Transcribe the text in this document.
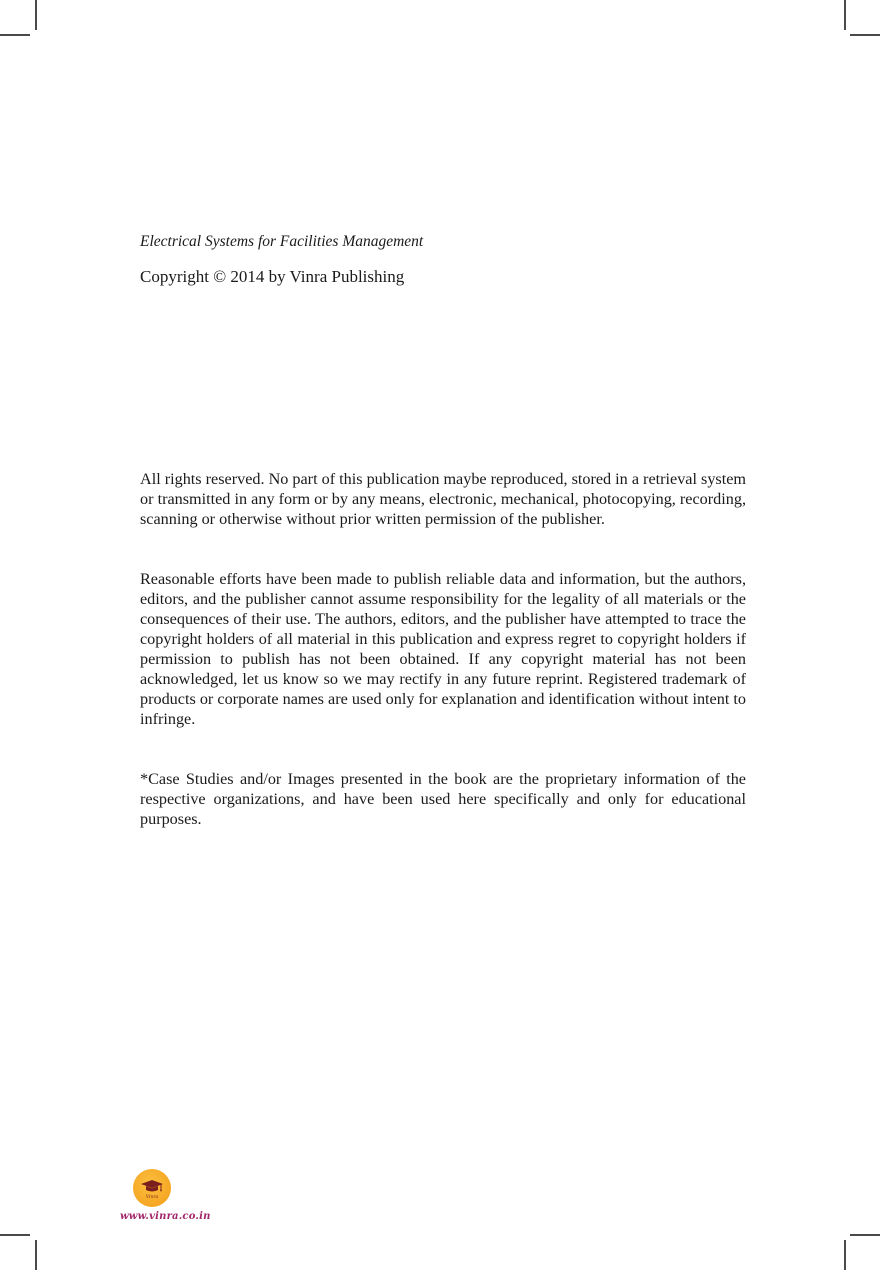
Electrical Systems for Facilities Management
Copyright © 2014 by Vinra Publishing

All rights reserved. No part of this publication maybe reproduced, stored in a retrieval system or transmitted in any form or by any means, electronic, mechanical, photocopying, recording, scanning or otherwise without prior written permission of the publisher.

Reasonable efforts have been made to publish reliable data and information, but the authors, editors, and the publisher cannot assume responsibility for the legality of all materials or the consequences of their use. The authors, editors, and the publisher have attempted to trace the copyright holders of all material in this publication and express regret to copyright holders if permission to publish has not been obtained. If any copyright material has not been acknowledged, let us know so we may rectify in any future reprint. Registered trademark of products or corporate names are used only for explanation and identification without intent to infringe.

*Case Studies and/or Images presented in the book are the proprietary information of the respective organizations, and have been used here specifically and only for educational purposes.

Vinra
www.vinra.co.in
